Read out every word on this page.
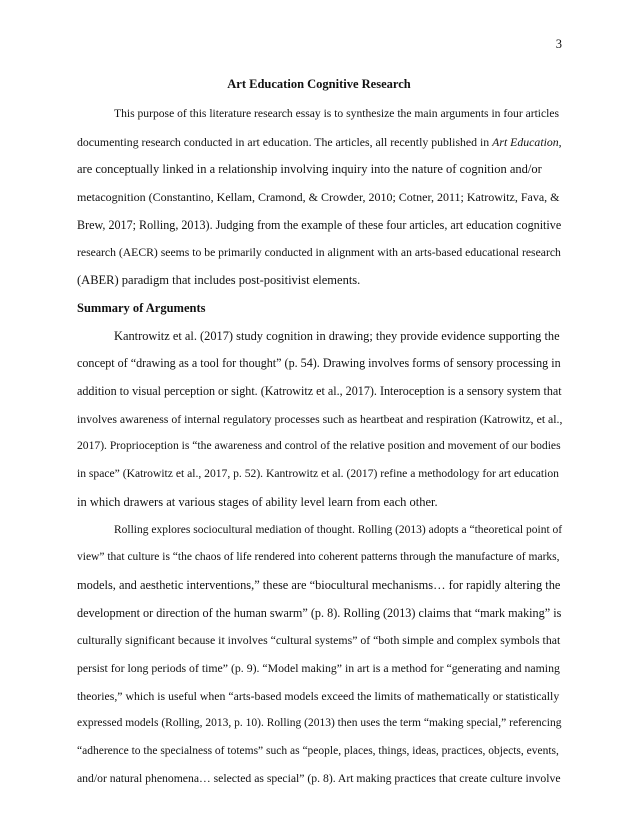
3
Art Education Cognitive Research
This purpose of this literature research essay is to synthesize the main arguments in four articles
documenting research conducted in art education. The articles, all recently published in Art Education,
are conceptually linked in a relationship involving inquiry into the nature of cognition and/or
metacognition (Constantino, Kellam, Cramond, & Crowder, 2010; Cotner, 2011; Katrowitz, Fava, &
Brew, 2017; Rolling, 2013). Judging from the example of these four articles, art education cognitive
research (AECR) seems to be primarily conducted in alignment with an arts-based educational research
(ABER) paradigm that includes post-positivist elements.
Summary of Arguments
Kantrowitz et al. (2017) study cognition in drawing; they provide evidence supporting the
concept of “drawing as a tool for thought” (p. 54). Drawing involves forms of sensory processing in
addition to visual perception or sight. (Katrowitz et al., 2017). Interoception is a sensory system that
involves awareness of internal regulatory processes such as heartbeat and respiration (Katrowitz, et al.,
2017). Proprioception is “the awareness and control of the relative position and movement of our bodies
in space” (Katrowitz et al., 2017, p. 52). Kantrowitz et al. (2017) refine a methodology for art education
in which drawers at various stages of ability level learn from each other.
Rolling explores sociocultural mediation of thought. Rolling (2013) adopts a “theoretical point of
view” that culture is “the chaos of life rendered into coherent patterns through the manufacture of marks,
models, and aesthetic interventions,” these are “biocultural mechanisms… for rapidly altering the
development or direction of the human swarm” (p. 8). Rolling (2013) claims that “mark making” is
culturally significant because it involves “cultural systems” of “both simple and complex symbols that
persist for long periods of time” (p. 9). “Model making” in art is a method for “generating and naming
theories,” which is useful when “arts-based models exceed the limits of mathematically or statistically
expressed models (Rolling, 2013, p. 10). Rolling (2013) then uses the term “making special,” referencing
“adherence to the specialness of totems” such as “people, places, things, ideas, practices, objects, events,
and/or natural phenomena… selected as special” (p. 8). Art making practices that create culture involve
